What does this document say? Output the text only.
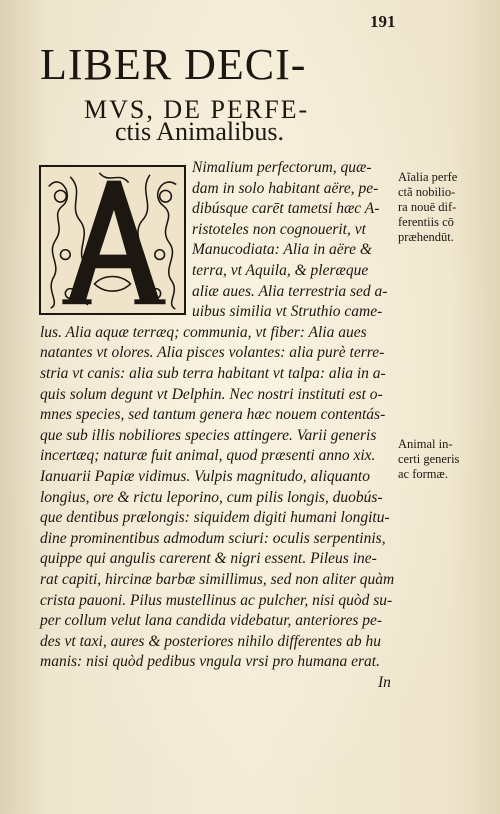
191
LIBER DECI-
MVS, DE PERFE-
ctis Animalibus.
Nimalium perfectorum, quæ-
dam in solo habitant aëre, pe-
dibúsque carēt tametsi hæc A-
ristoteles non cognouerit, vt
Manucodiata: Alia in aëre &
terra, vt Aquila, & pleræque
aliæ aues. Alia terrestria sed a-
uibus similia vt Struthio came-
lus. Alia aquæ terræq; communia, vt fiber: Alia aues
natantes vt olores. Alia pisces volantes: alia purè terre-
stria vt canis: alia sub terra habitant vt talpa: alia in a-
quis solum degunt vt Delphin. Nec nostri instituti est o-
mnes species, sed tantum genera hæc nouem contentás-
que sub illis nobiliores species attingere. Varii generis
incertæq; naturæ fuit animal, quod præsenti anno xix.
Ianuarii Papiæ vidimus. Vulpis magnitudo, aliquanto
longius, ore & rictu leporino, cum pilis longis, duobús-
que dentibus prælongis: siquidem digiti humani longitu-
dine prominentibus admodum sciuri: oculis serpentinis,
quippe qui angulis carerent & nigri essent. Pileus ine-
rat capiti, hircinæ barbæ simillimus, sed non aliter quàm
crista pauoni. Pilus mustellinus ac pulcher, nisi quòd su-
per collum velut lana candida videbatur, anteriores pe-
des vt taxi, aures & posteriores nihilo differentes ab hu
manis: nisi quòd pedibus vngula vrsi pro humana erat.
In
Aĩalia perfe
ctã nobilio-
ra nouē dif-
ferentiis cō
præhendūt.
Animal in-
certi generis
ac formæ.
